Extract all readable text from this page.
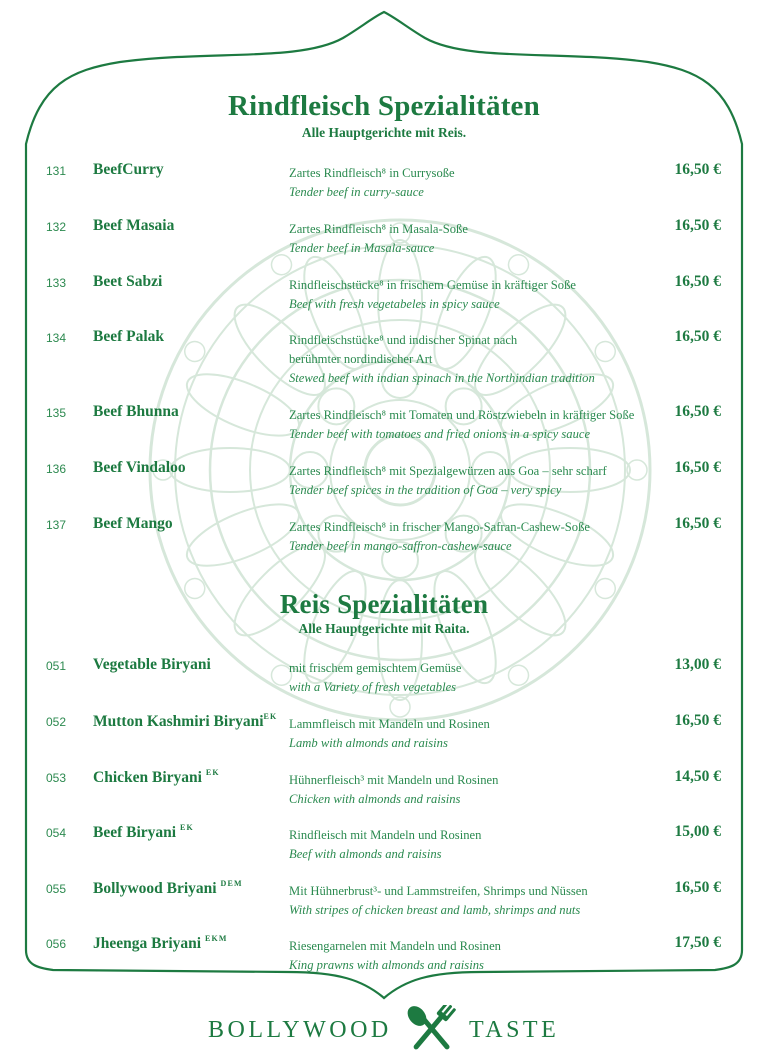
Rindfleisch Spezialitäten
Alle Hauptgerichte mit Reis.
131 BeefCurry	Zartes Rindfleisch⁸ in Currysoße
Tender beef in curry-sauce
16,50 €
132 Beef Masaia	Zartes Rindfleisch⁸ in Masala-Soße
Tender beef in Masala-sauce
16,50 €
133 Beet Sabzi	Rindfleischstücke⁸ in frischem Gemüse in kräftiger Soße
Beef with fresh vegetabeles in spicy sauce
16,50 €
134 Beef Palak	Rindfleischstücke⁸ und indischer Spinat nach
berühmter nordindischer Art
Stewed beef with indian spinach in the Northindian tradition
16,50 €
135 Beef Bhunna	Zartes Rindfleisch⁸ mit Tomaten und Röstzwiebeln in kräftiger Soße
Tender beef with tomatoes and fried onions in a spicy sauce
16,50 €
136 Beef Vindaloo	Zartes Rindfleisch⁸ mit Spezialgewürzen aus Goa – sehr scharf
Tender beef spices in the tradition of Goa – very spicy
16,50 €
137 Beef Mango	Zartes Rindfleisch⁸ in frischer Mango-Safran-Cashew-Soße
Tender beef in mango-saffron-cashew-sauce
16,50 €
Reis Spezialitäten
Alle Hauptgerichte mit Raita.
051 Vegetable Biryani	mit frischem gemischtem Gemüse
with a Variety of fresh vegetables
13,00 €
052 Mutton Kashmiri Biryani$^{EK}$
Lammfleisch mit Mandeln und Rosinen
Lamb with almonds and raisins
16,50 €
053 Chicken Biryani $^{EK}$
Hühnerfleisch³ mit Mandeln und Rosinen
Chicken with almonds and raisins
14,50 €
054 Beef Biryani $^{EK}$
Rindfleisch mit Mandeln und Rosinen
Beef with almonds and raisins
15,00 €
055 Bollywood Briyani $^{DEM}$
Mit Hühnerbrust³- und Lammstreifen, Shrimps und Nüssen
With stripes of chicken breast and lamb, shrimps and nuts
16,50 €
056 Jheenga Briyani $^{EKM}$
Riesengarnelen mit Mandeln und Rosinen
King prawns with almonds and raisins
17,50 €
BOLLYWOOD	TASTE
